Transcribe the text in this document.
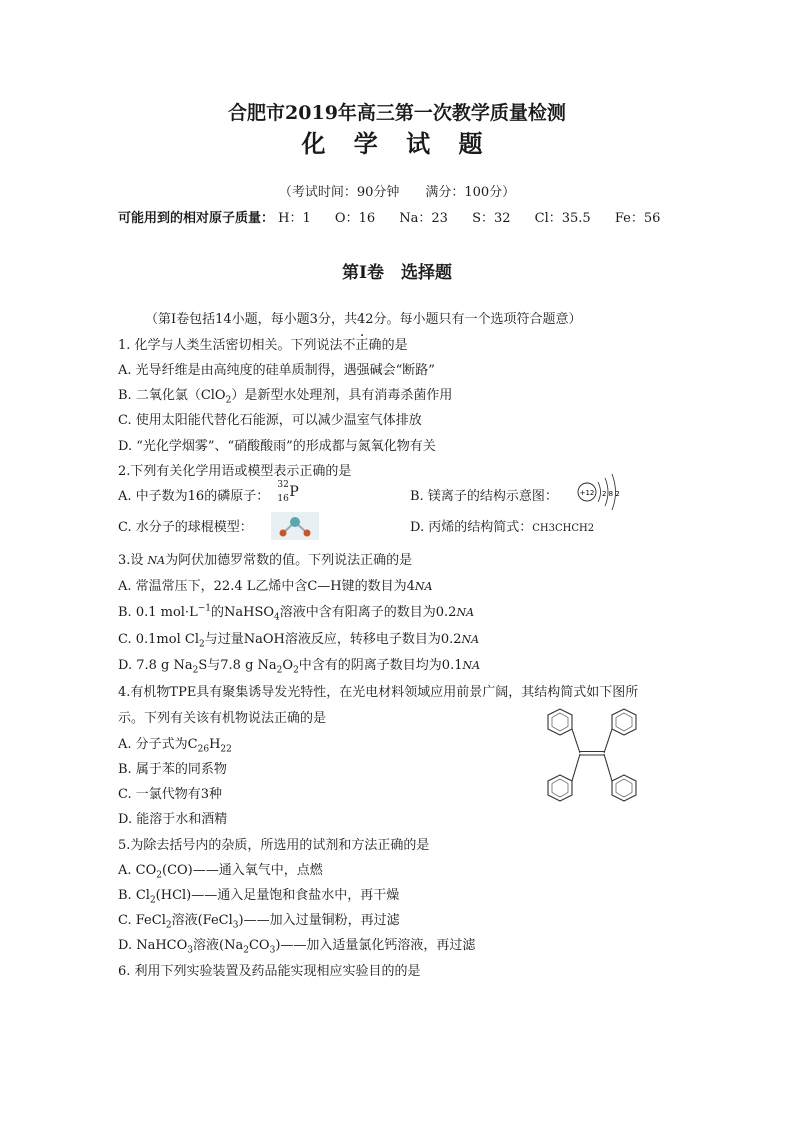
合肥市2019年高三第一次教学质量检测
化 学 试 题
（考试时间：90分钟　　满分：100分）
可能用到的相对原子质量： H：1 O：16 Na：23 S：32 Cl：35.5 Fe：56
第Ⅰ卷　选择题
（第Ⅰ卷包括14小题，每小题3分，共42分。每小题只有一个选项符合题意）
1. 化学与人类生活密切相关。下列说法不正确的是
A. 光导纤维是由高纯度的硅单质制得，遇强碱会“断路”
B. 二氧化氯（ClO$_2$）是新型水处理剂，具有消毒杀菌作用
C. 使用太阳能代替化石能源，可以减少温室气体排放
D. “光化学烟雾”、“硝酸酸雨”的形成都与氮氧化物有关
2.下列有关化学用语或模型表示正确的是
A. 中子数为16的磷原子：
32
16 P	B. 镁离子的结构示意图：	+12 2 8 2
C. 水分子的球棍模型：	D. 丙烯的结构简式：CH3CHCH2
3.设 NA为阿伏加德罗常数的值。下列说法正确的是
A. 常温常压下，22.4 L乙烯中含C—H键的数目为4NA
B. 0.1 $mol\cdot L^{-1}$的NaHSO$_4$溶液中含有阳离子的数目为0.2NA
C. 0.1mol $Cl_2$与过量NaOH溶液反应，转移电子数目为0.2NA
D. 7.8 g $Na_2S$与7.8 g $Na_2O_2$中含有的阴离子数目均为0.1NA
4.有机物TPE具有聚集诱导发光特性，在光电材料领域应用前景广阔，其结构简式如下图所
示。下列有关该有机物说法正确的是
A. 分子式为$C_{26}H_{22}$
B. 属于苯的同系物
C. 一氯代物有3种
D. 能溶于水和酒精
5.为除去括号内的杂质，所选用的试剂和方法正确的是
A. $CO_2(CO)——$通入氧气中，点燃
B. $Cl_2(HCl)——$通入足量饱和食盐水中，再干燥
C. FeCl$_2$溶液(FeCl$_3$)——加入过量铜粉，再过滤
D. NaHCO$_3$溶液$(Na_2CO_3)——$加入适量氯化钙溶液，再过滤
6. 利用下列实验装置及药品能实现相应实验目的的是
